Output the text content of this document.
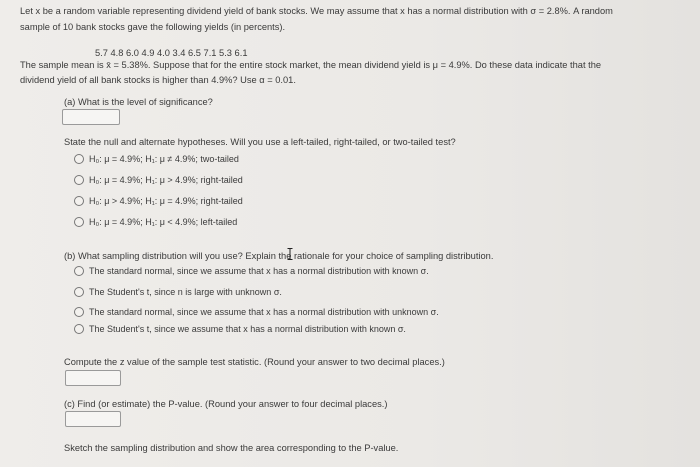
Let x be a random variable representing dividend yield of bank stocks. We may assume that x has a normal distribution with σ = 2.8%. A random
sample of 10 bank stocks gave the following yields (in percents).
5.7 4.8 6.0 4.9 4.0 3.4 6.5 7.1 5.3 6.1
The sample mean is x̄ = 5.38%. Suppose that for the entire stock market, the mean dividend yield is μ = 4.9%. Do these data indicate that the
dividend yield of all bank stocks is higher than 4.9%? Use α = 0.01.
(a) What is the level of significance?
State the null and alternate hypotheses. Will you use a left-tailed, right-tailed, or two-tailed test?
H₀: μ = 4.9%; H₁: μ ≠ 4.9%; two-tailed
H₀: μ = 4.9%; H₁: μ > 4.9%; right-tailed
H₀: μ > 4.9%; H₁: μ = 4.9%; right-tailed
H₀: μ = 4.9%; H₁: μ < 4.9%; left-tailed
(b) What sampling distribution will you use? Explain the rationale for your choice of sampling distribution.
The standard normal, since we assume that x has a normal distribution with known σ.
The Student's t, since n is large with unknown σ.
The standard normal, since we assume that x has a normal distribution with unknown σ.
The Student's t, since we assume that x has a normal distribution with known σ.
Compute the z value of the sample test statistic. (Round your answer to two decimal places.)
(c) Find (or estimate) the P-value. (Round your answer to four decimal places.)
Sketch the sampling distribution and show the area corresponding to the P-value.
